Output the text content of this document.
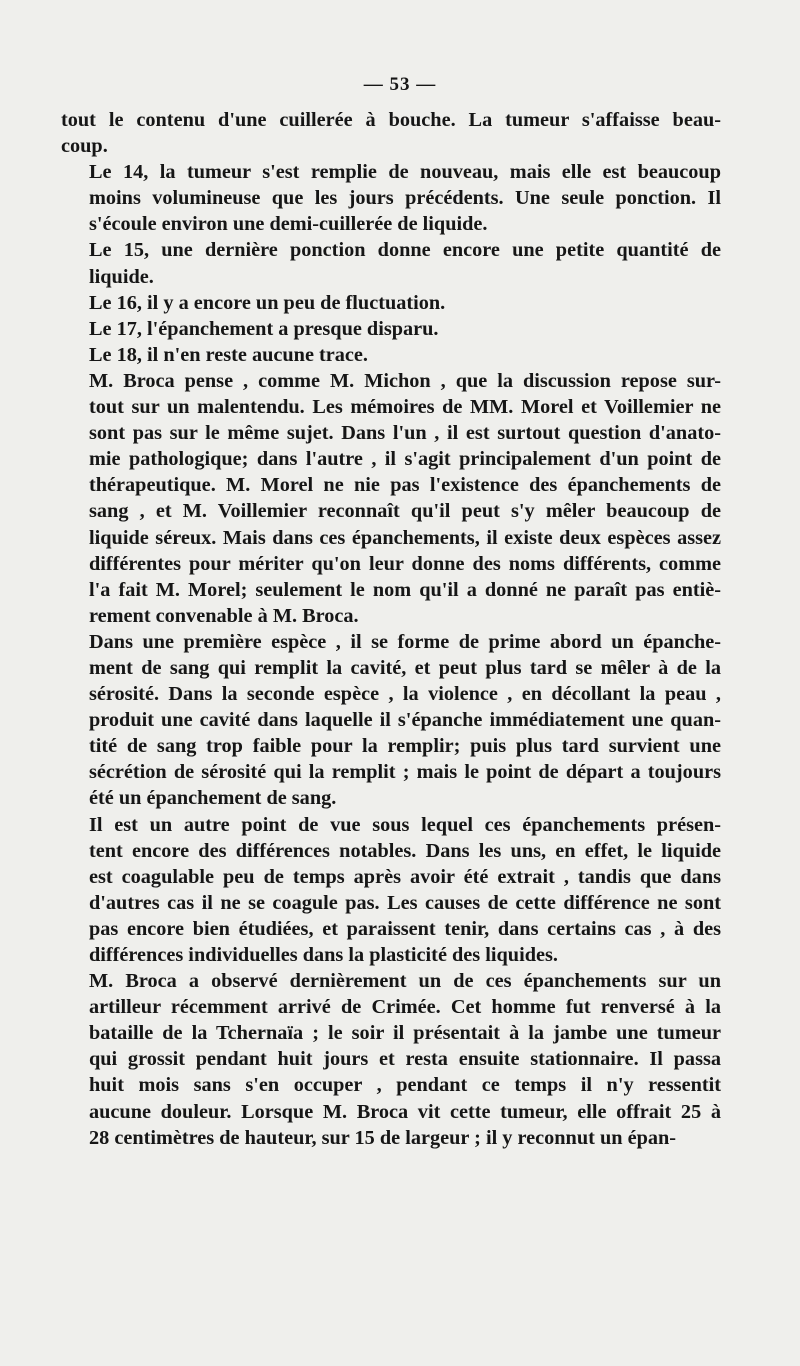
— 53 —
tout le contenu d'une cuillerée à bouche. La tumeur s'affaisse beau-
coup.
Le 14, la tumeur s'est remplie de nouveau, mais elle est beaucoup
moins volumineuse que les jours précédents. Une seule ponction. Il
s'écoule environ une demi-cuillerée de liquide.
Le 15, une dernière ponction donne encore une petite quantité de
liquide.
Le 16, il y a encore un peu de fluctuation.
Le 17, l'épanchement a presque disparu.
Le 18, il n'en reste aucune trace.
M. Broca pense , comme M. Michon , que la discussion repose sur-
tout sur un malentendu. Les mémoires de MM. Morel et Voillemier ne
sont pas sur le même sujet. Dans l'un , il est surtout question d'anato-
mie pathologique; dans l'autre , il s'agit principalement d'un point de
thérapeutique. M. Morel ne nie pas l'existence des épanchements de
sang , et M. Voillemier reconnaît qu'il peut s'y mêler beaucoup de
liquide séreux. Mais dans ces épanchements, il existe deux espèces assez
différentes pour mériter qu'on leur donne des noms différents, comme
l'a fait M. Morel; seulement le nom qu'il a donné ne paraît pas entiè-
rement convenable à M. Broca.
Dans une première espèce , il se forme de prime abord un épanche-
ment de sang qui remplit la cavité, et peut plus tard se mêler à de la
sérosité. Dans la seconde espèce , la violence , en décollant la peau ,
produit une cavité dans laquelle il s'épanche immédiatement une quan-
tité de sang trop faible pour la remplir; puis plus tard survient une
sécrétion de sérosité qui la remplit ; mais le point de départ a toujours
été un épanchement de sang.
Il est un autre point de vue sous lequel ces épanchements présen-
tent encore des différences notables. Dans les uns, en effet, le liquide
est coagulable peu de temps après avoir été extrait , tandis que dans
d'autres cas il ne se coagule pas. Les causes de cette différence ne sont
pas encore bien étudiées, et paraissent tenir, dans certains cas , à des
différences individuelles dans la plasticité des liquides.
M. Broca a observé dernièrement un de ces épanchements sur un
artilleur récemment arrivé de Crimée. Cet homme fut renversé à la
bataille de la Tchernaïa ; le soir il présentait à la jambe une tumeur
qui grossit pendant huit jours et resta ensuite stationnaire. Il passa
huit mois sans s'en occuper , pendant ce temps il n'y ressentit
aucune douleur. Lorsque M. Broca vit cette tumeur, elle offrait 25 à
28 centimètres de hauteur, sur 15 de largeur ; il y reconnut un épan-
